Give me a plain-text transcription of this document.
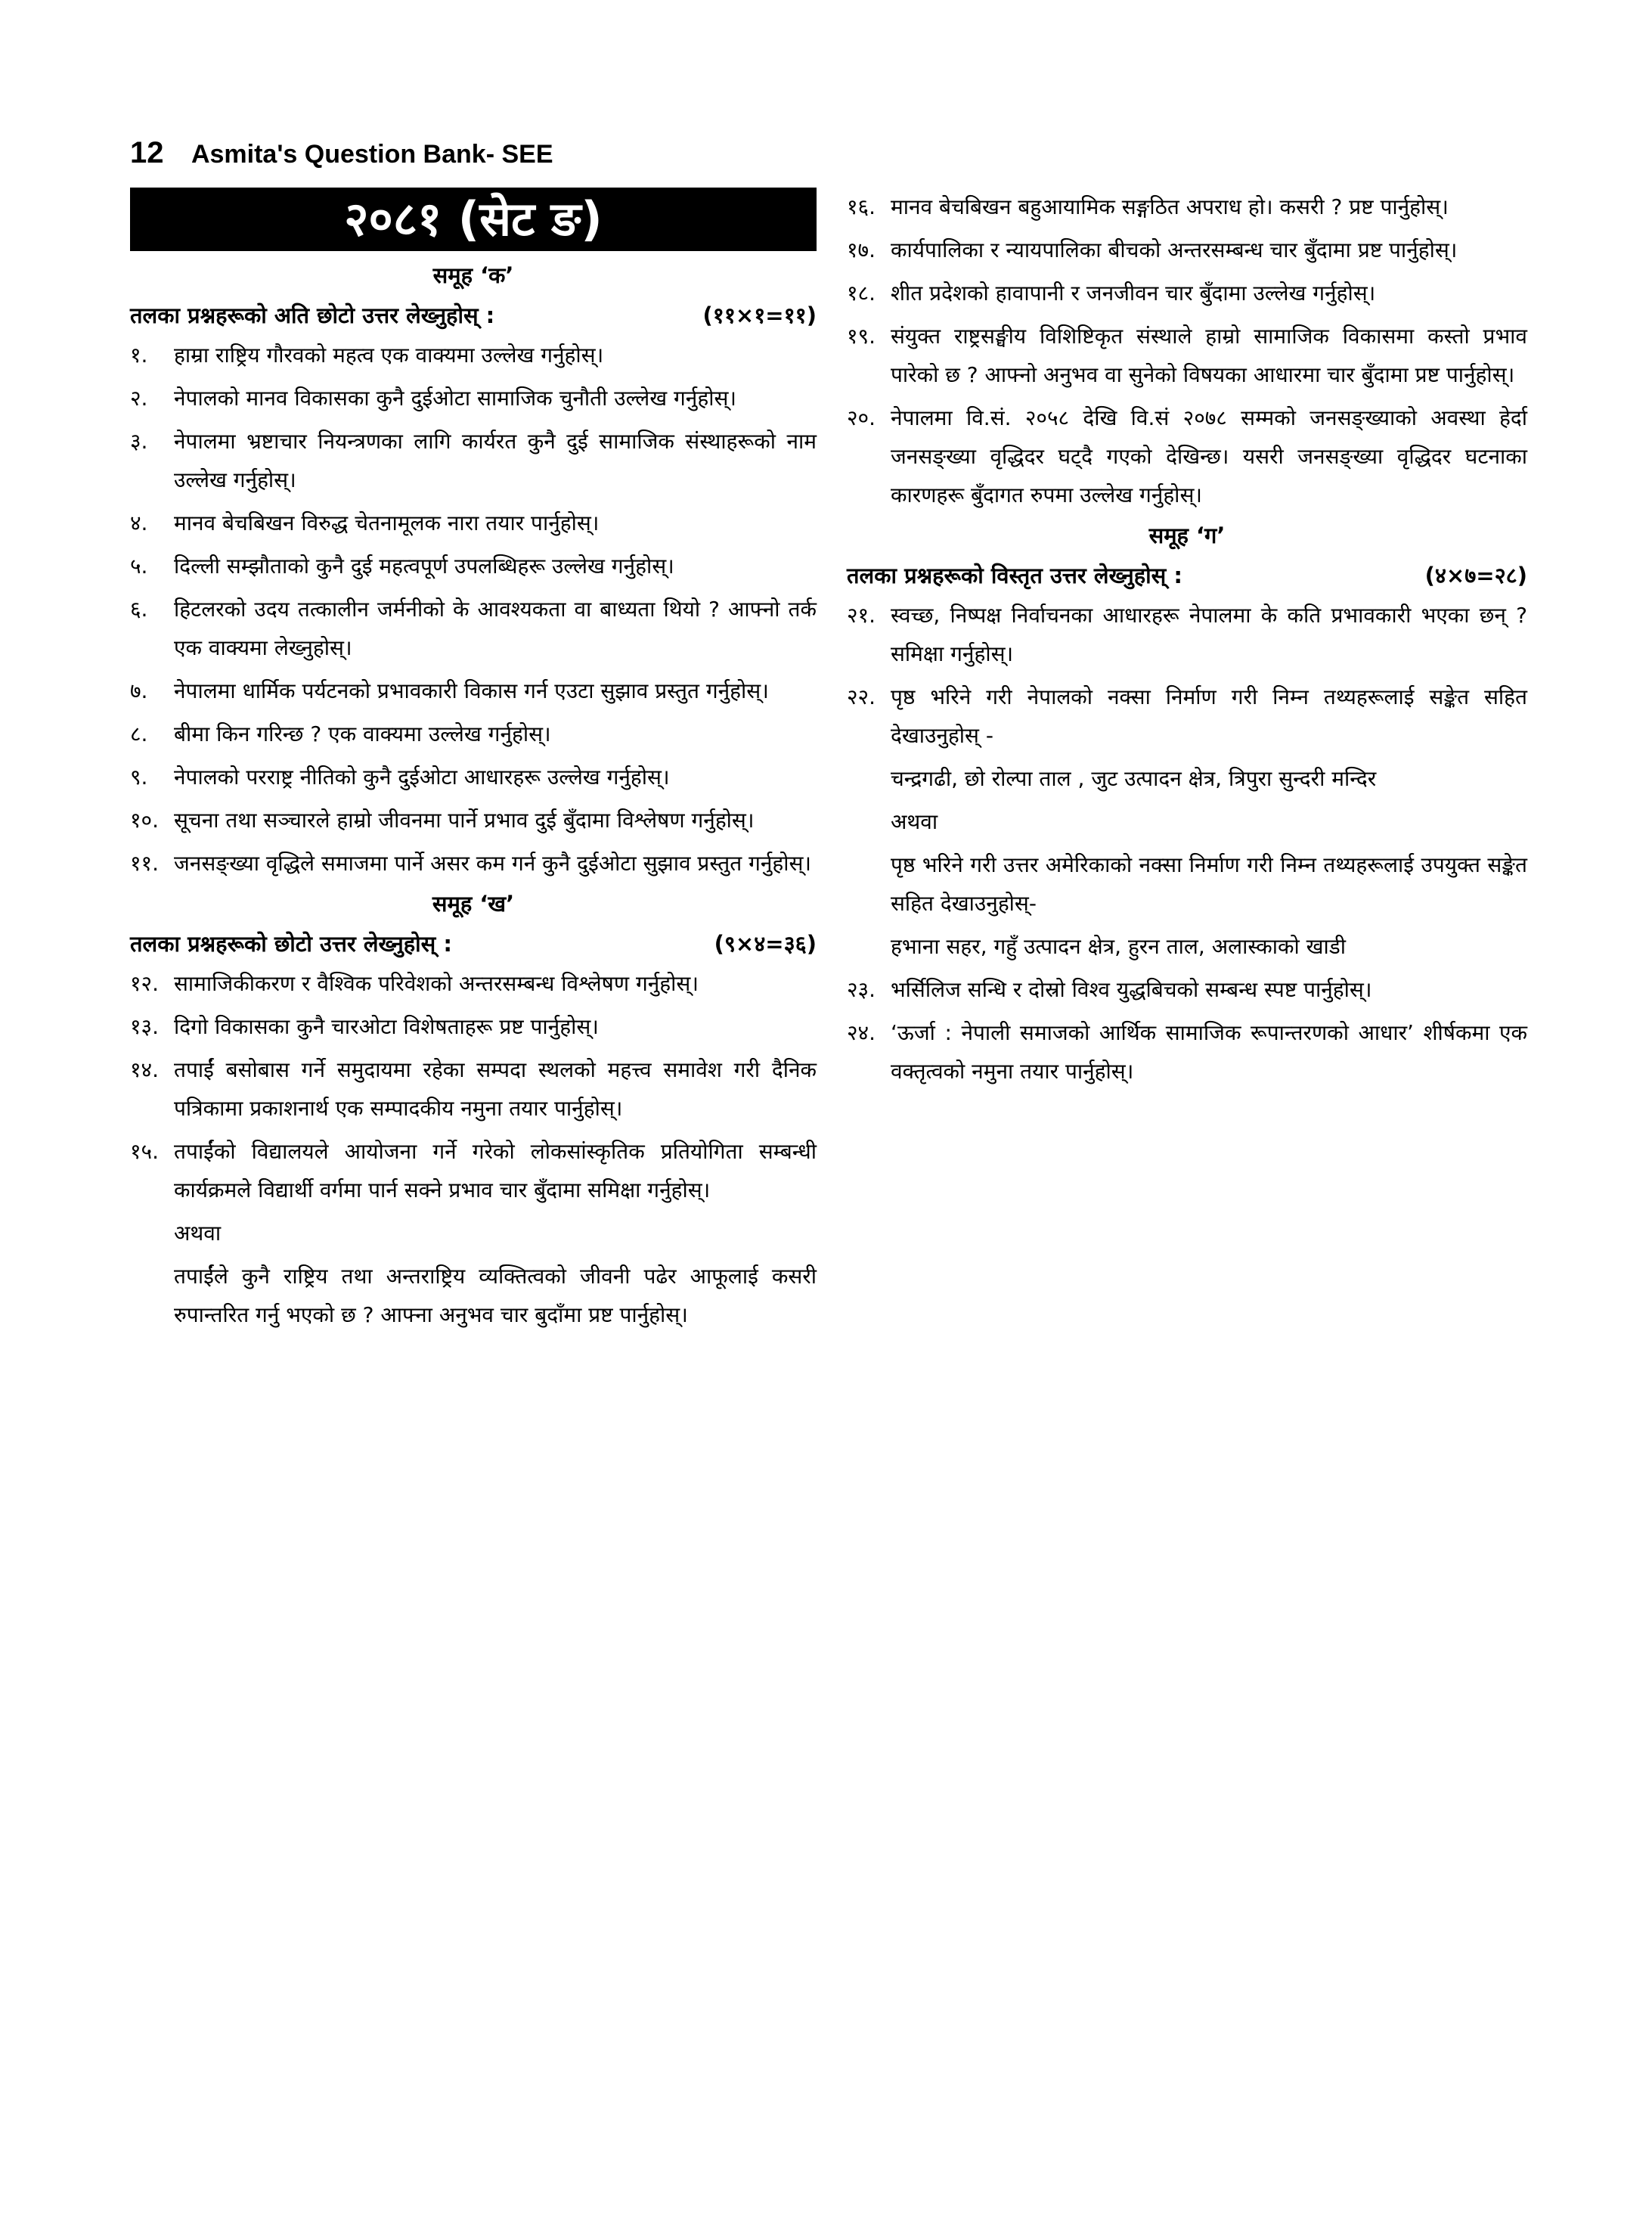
12 Asmita's Question Bank- SEE
२०८१ (सेट ङ)
समूह ‘क’
तलका प्रश्नहरूको अति छोटो उत्तर लेख्नुहोस् :	(११×१=११)
१.	हाम्रा राष्ट्रिय गौरवको महत्व एक वाक्यमा उल्लेख गर्नुहोस्।
२.	नेपालको मानव विकासका कुनै दुईओटा सामाजिक चुनौती उल्लेख गर्नुहोस्।
३.	नेपालमा भ्रष्टाचार नियन्त्रणका लागि कार्यरत कुनै दुई सामाजिक संस्थाहरूको नाम उल्लेख गर्नुहोस्।
४.	मानव बेचबिखन विरुद्ध चेतनामूलक नारा तयार पार्नुहोस्।
५.	दिल्ली सम्झौताको कुनै दुई महत्वपूर्ण उपलब्धिहरू उल्लेख गर्नुहोस्।
६.	हिटलरको उदय तत्कालीन जर्मनीको के आवश्यकता वा बाध्यता थियो ? आफ्नो तर्क एक वाक्यमा लेख्नुहोस्।
७.	नेपालमा धार्मिक पर्यटनको प्रभावकारी विकास गर्न एउटा सुझाव प्रस्तुत गर्नुहोस्।
८.	बीमा किन गरिन्छ ? एक वाक्यमा उल्लेख गर्नुहोस्।
९.	नेपालको परराष्ट्र नीतिको कुनै दुईओटा आधारहरू उल्लेख गर्नुहोस्।
१०. सूचना तथा सञ्चारले हाम्रो जीवनमा पार्ने प्रभाव दुई बुँदामा विश्लेषण गर्नुहोस्।
११. जनसङ्ख्या वृद्धिले समाजमा पार्ने असर कम गर्न कुनै दुईओटा सुझाव प्रस्तुत गर्नुहोस्।
समूह ‘ख’
तलका प्रश्नहरूको छोटो उत्तर लेख्नुहोस् :	(९×४=३६)
१२. सामाजिकीकरण र वैश्विक परिवेशको अन्तरसम्बन्ध विश्लेषण गर्नुहोस्।
१३. दिगो विकासका कुनै चारओटा विशेषताहरू प्रष्ट पार्नुहोस्।
१४. तपाईं बसोबास गर्ने समुदायमा रहेका सम्पदा स्थलको महत्त्व समावेश गरी दैनिक पत्रिकामा प्रकाशनार्थ एक सम्पादकीय नमुना तयार पार्नुहोस्।
१५. तपाईंको विद्यालयले आयोजना गर्ने गरेको लोकसांस्कृतिक प्रतियोगिता सम्बन्धी कार्यक्रमले विद्यार्थी वर्गमा पार्न सक्ने प्रभाव चार बुँदामा समिक्षा गर्नुहोस्।
अथवा
तपाईंले कुनै राष्ट्रिय तथा अन्तराष्ट्रिय व्यक्तित्वको जीवनी पढेर आफूलाई कसरी रुपान्तरित गर्नु भएको छ ? आफ्ना अनुभव चार बुदाँमा प्रष्ट पार्नुहोस्।
१६. मानव बेचबिखन बहुआयामिक सङ्गठित अपराध हो। कसरी ? प्रष्ट पार्नुहोस्।
१७. कार्यपालिका र न्यायपालिका बीचको अन्तरसम्बन्ध चार बुँदामा प्रष्ट पार्नुहोस्।
१८. शीत प्रदेशको हावापानी र जनजीवन चार बुँदामा उल्लेख गर्नुहोस्।
१९. संयुक्त राष्ट्रसङ्घीय विशिष्टिकृत संस्थाले हाम्रो सामाजिक विकासमा कस्तो प्रभाव पारेको छ ? आफ्नो अनुभव वा सुनेको विषयका आधारमा चार बुँदामा प्रष्ट पार्नुहोस्।
२०. नेपालमा वि.सं. २०५८ देखि वि.सं २०७८ सम्मको जनसङ्ख्याको अवस्था हेर्दा जनसङ्ख्या वृद्धिदर घट्दै गएको देखिन्छ। यसरी जनसङ्ख्या वृद्धिदर घटनाका कारणहरू बुँदागत रुपमा उल्लेख गर्नुहोस्।
समूह ‘ग’
तलका प्रश्नहरूको विस्तृत उत्तर लेख्नुहोस् :	(४×७=२८)
२१. स्वच्छ, निष्पक्ष निर्वाचनका आधारहरू नेपालमा के कति प्रभावकारी भएका छन् ? समिक्षा गर्नुहोस्।
२२. पृष्ठ भरिने गरी नेपालको नक्सा निर्माण गरी निम्न तथ्यहरूलाई सङ्केत सहित देखाउनुहोस् -
चन्द्रगढी, छो रोल्पा ताल , जुट उत्पादन क्षेत्र, त्रिपुरा सुन्दरी मन्दिर
अथवा
पृष्ठ भरिने गरी उत्तर अमेरिकाको नक्सा निर्माण गरी निम्न तथ्यहरूलाई उपयुक्त सङ्केत सहित देखाउनुहोस्-
हभाना सहर, गहुँ उत्पादन क्षेत्र, हुरन ताल, अलास्काको खाडी
२३. भर्सिलिज सन्धि र दोस्रो विश्व युद्धबिचको सम्बन्ध स्पष्ट पार्नुहोस्।
२४. ‘ऊर्जा : नेपाली समाजको आर्थिक सामाजिक रूपान्तरणको आधार’ शीर्षकमा एक वक्तृत्वको नमुना तयार पार्नुहोस्।
